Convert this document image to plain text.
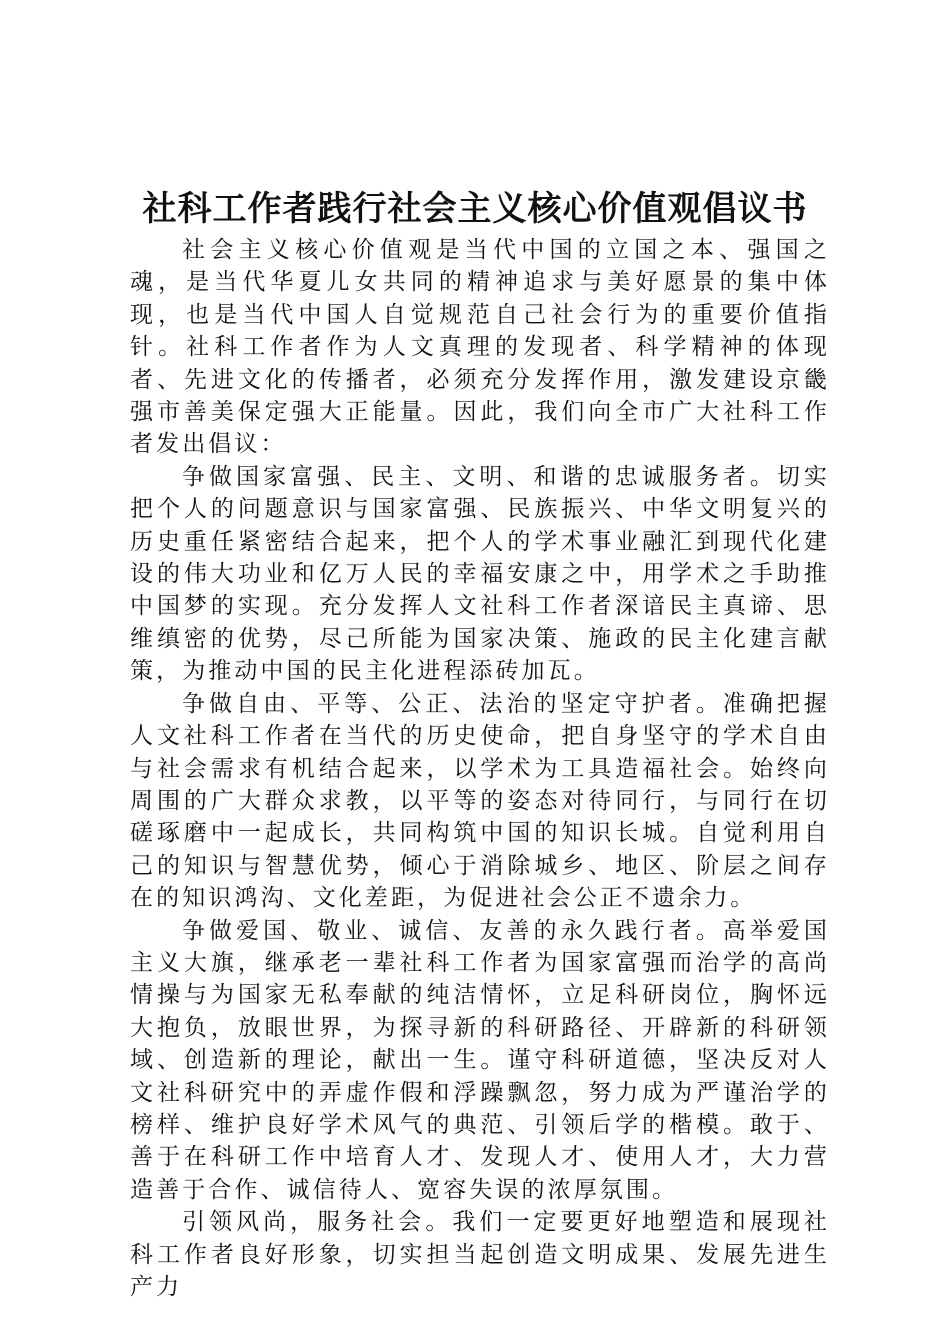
社科工作者践行社会主义核心价值观倡议书

社会主义核心价值观是当代中国的立国之本、强国之魂，是当代华夏儿女共同的精神追求与美好愿景的集中体现，也是当代中国人自觉规范自己社会行为的重要价值指针。社科工作者作为人文真理的发现者、科学精神的体现者、先进文化的传播者，必须充分发挥作用，激发建设京畿强市善美保定强大正能量。因此，我们向全市广大社科工作者发出倡议：

争做国家富强、民主、文明、和谐的忠诚服务者。切实把个人的问题意识与国家富强、民族振兴、中华文明复兴的历史重任紧密结合起来，把个人的学术事业融汇到现代化建设的伟大功业和亿万人民的幸福安康之中，用学术之手助推中国梦的实现。充分发挥人文社科工作者深谙民主真谛、思维缜密的优势，尽己所能为国家决策、施政的民主化建言献策，为推动中国的民主化进程添砖加瓦。

争做自由、平等、公正、法治的坚定守护者。准确把握人文社科工作者在当代的历史使命，把自身坚守的学术自由与社会需求有机结合起来，以学术为工具造福社会。始终向周围的广大群众求教，以平等的姿态对待同行，与同行在切磋琢磨中一起成长，共同构筑中国的知识长城。自觉利用自己的知识与智慧优势，倾心于消除城乡、地区、阶层之间存在的知识鸿沟、文化差距，为促进社会公正不遗余力。

争做爱国、敬业、诚信、友善的永久践行者。高举爱国主义大旗，继承老一辈社科工作者为国家富强而治学的高尚情操与为国家无私奉献的纯洁情怀，立足科研岗位，胸怀远大抱负，放眼世界，为探寻新的科研路径、开辟新的科研领域、创造新的理论，献出一生。谨守科研道德，坚决反对人文社科研究中的弄虚作假和浮躁飘忽，努力成为严谨治学的榜样、维护良好学术风气的典范、引领后学的楷模。敢于、善于在科研工作中培育人才、发现人才、使用人才，大力营造善于合作、诚信待人、宽容失误的浓厚氛围。

引领风尚，服务社会。我们一定要更好地塑造和展现社科工作者良好形象，切实担当起创造文明成果、发展先进生产力
